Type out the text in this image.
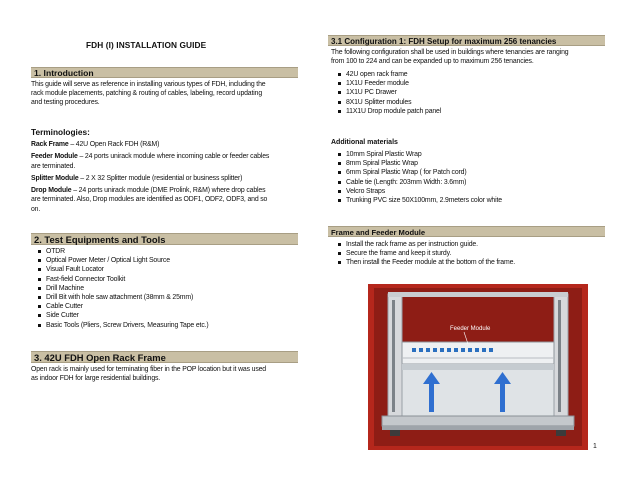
FDH (I) INSTALLATION GUIDE
1. Introduction
This guide will serve as reference in installing various types of FDH, including the
rack module placements, patching & routing of cables, labeling, record updating
and testing procedures.
Terminologies:
Rack Frame – 42U Open Rack FDH (R&M)
Feeder Module – 24 ports unirack module where incoming cable or feeder cables
are terminated.
Splitter Module – 2 X 32 Splitter module (residential or business splitter)
Drop Module – 24 ports unirack module (DME Prolink, R&M) where drop cables
are terminated. Also, Drop modules are identified as ODF1, ODF2, ODF3, and so
on.
2. Test Equipments and Tools
OTDR
Optical Power Meter / Optical Light Source
Visual Fault Locator
Fast-field Connector Toolkit
Drill Machine
Drill Bit with hole saw attachment (38mm & 25mm)
Cable Cutter
Side Cutter
Basic Tools (Pliers, Screw Drivers, Measuring Tape etc.)
3. 42U FDH Open Rack Frame
Open rack is mainly used for terminating fiber in the POP location but it was used
as indoor FDH for large residential buildings.
3.1 Configuration 1: FDH Setup for maximum 256 tenancies
The following configuration shall be used in buildings where tenancies are ranging
from 100 to 224 and can be expanded up to maximum 256 tenancies.
42U open rack frame
1X1U Feeder module
1X1U PC Drawer
8X1U Splitter modules
11X1U Drop module patch panel
Additional materials
10mm Spiral Plastic Wrap
8mm Spiral Plastic Wrap
6mm Spiral Plastic Wrap ( for Patch cord)
Cable tie (Length: 203mm Width: 3.6mm)
Velcro Straps
Trunking PVC size 50X100mm, 2.9meters color white
Frame and Feeder Module
Install the rack frame as per instruction guide.
Secure the frame and keep it sturdy.
Then install the Feeder module at the bottom of the frame.
Feeder Module
1
